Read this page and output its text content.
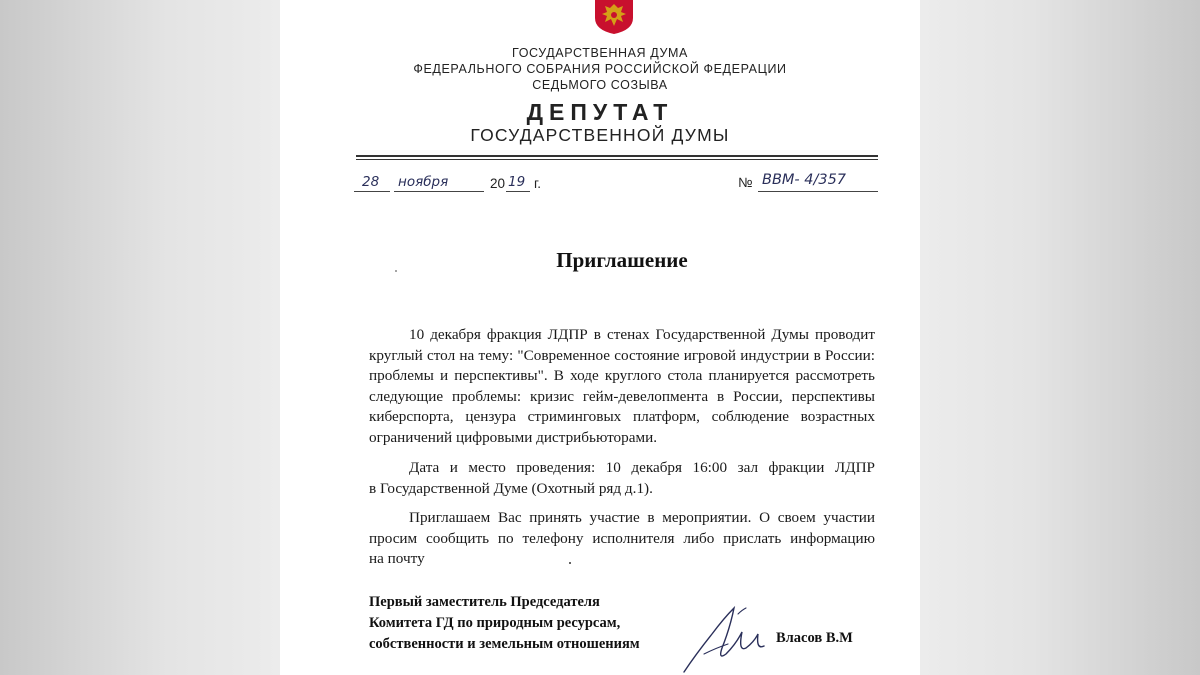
ГОСУДАРСТВЕННАЯ ДУМА
ФЕДЕРАЛЬНОГО СОБРАНИЯ РОССИЙСКОЙ ФЕДЕРАЦИИ
СЕДЬМОГО СОЗЫВА
ДЕПУТАТ
ГОСУДАРСТВЕННОЙ ДУМЫ
28 ноября	20 19 г.	№ ВВМ- 4/357
Приглашение
10 декабря фракция ЛДПР в стенах Государственной Думы проводит
круглый стол на тему: "Современное состояние игровой индустрии в России:
проблемы и перспективы". В ходе круглого стола планируется рассмотреть
следующие проблемы: кризис гейм-девелопмента в России, перспективы
киберспорта, цензура стриминговых платформ, соблюдение возрастных
ограничений цифровыми дистрибьюторами.
Дата и место проведения: 10 декабря 16:00 зал фракции ЛДПР
в Государственной Думе (Охотный ряд д.1).
Приглашаем Вас принять участие в мероприятии. О своем участии
просим сообщить по телефону исполнителя либо прислать информацию
на почту
Первый заместитель Председателя
Комитета ГД по природным ресурсам,
собственности и земельным отношениям	Власов В.М
